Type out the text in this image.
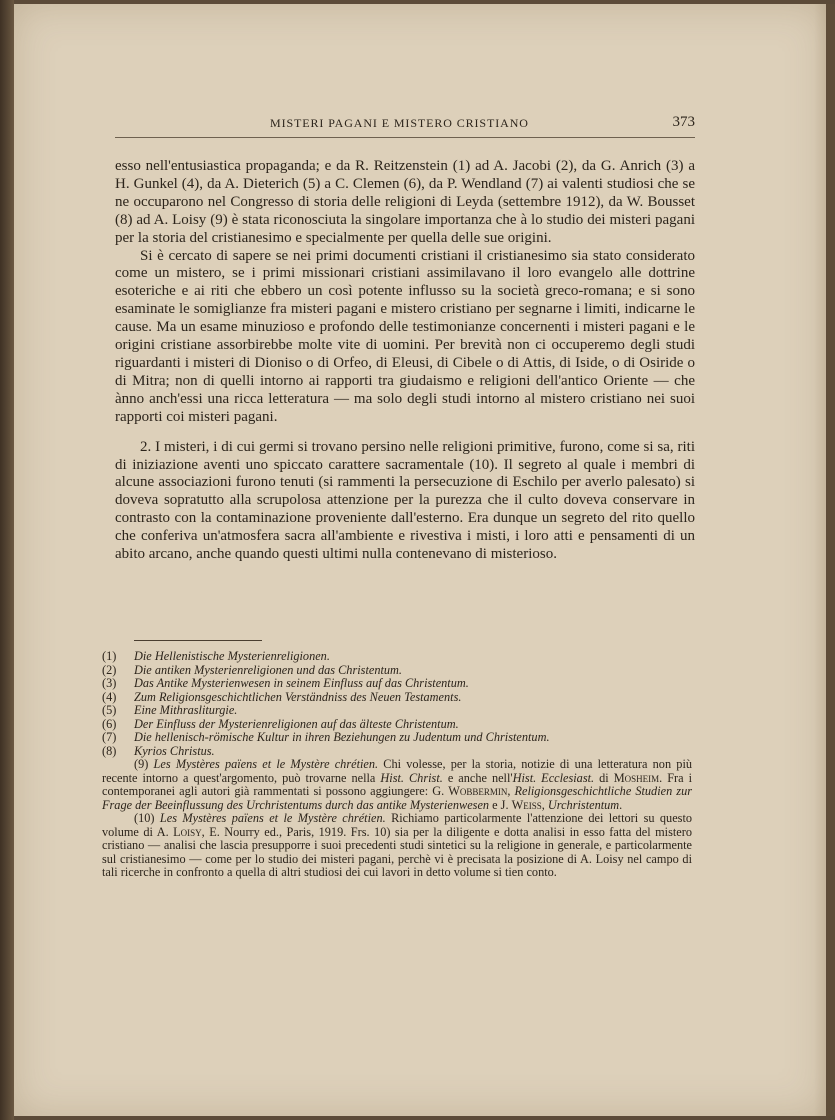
MISTERI PAGANI E MISTERO CRISTIANO	373

esso nell'entusiastica propaganda; e da R. Reitzenstein (1) ad A. Jacobi (2), da G. Anrich (3) a H. Gunkel (4), da A. Dieterich (5) a C. Clemen (6), da P. Wendland (7) ai valenti studiosi che se ne occuparono nel Congresso di storia delle religioni di Leyda (settembre 1912), da W. Bousset (8) ad A. Loisy (9) è stata riconosciuta la singolare importanza che à lo studio dei misteri pagani per la storia del cristianesimo e specialmente per quella delle sue origini.

Si è cercato di sapere se nei primi documenti cristiani il cristianesimo sia stato considerato come un mistero, se i primi missionari cristiani assimilavano il loro evangelo alle dottrine esoteriche e ai riti che ebbero un così potente influsso su la società greco-romana; e si sono esaminate le somiglianze fra misteri pagani e mistero cristiano per segnarne i limiti, indicarne le cause. Ma un esame minuzioso e profondo delle testimonianze concernenti i misteri pagani e le origini cristiane assorbirebbe molte vite di uomini. Per brevità non ci occuperemo degli studi riguardanti i misteri di Dioniso o di Orfeo, di Eleusi, di Cibele o di Attis, di Iside, o di Osiride o di Mitra; non di quelli intorno ai rapporti tra giudaismo e religioni dell'antico Oriente — che ànno anch'essi una ricca letteratura — ma solo degli studi intorno al mistero cristiano nei suoi rapporti coi misteri pagani.

2. I misteri, i di cui germi si trovano persino nelle religioni primitive, furono, come si sa, riti di iniziazione aventi uno spiccato carattere sacramentale (10). Il segreto al quale i membri di alcune associazioni furono tenuti (si rammenti la persecuzione di Eschilo per averlo palesato) si doveva sopratutto alla scrupolosa attenzione per la purezza che il culto doveva conservare in contrasto con la contaminazione proveniente dall'esterno. Era dunque un segreto del rito quello che conferiva un'atmosfera sacra all'ambiente e rivestiva i misti, i loro atti e pensamenti di un abito arcano, anche quando questi ultimi nulla contenevano di misterioso.

(1) Die Hellenistische Mysterienreligionen.

(2) Die antiken Mysterienreligionen und das Christentum.

(3) Das Antike Mysterienwesen in seinem Einfluss auf das Christentum.

(4) Zum Religionsgeschichtlichen Verständniss des Neuen Testaments.

(5) Eine Mithrasliturgie.

(6) Der Einfluss der Mysterienreligionen auf das älteste Christentum.

(7) Die hellenisch-römische Kultur in ihren Beziehungen zu Judentum und Christentum.

(8) Kyrios Christus.

(9) Les Mystères païens et le Mystère chrétien. Chi volesse, per la storia, notizie di una letteratura non più recente intorno a quest'argomento, può trovarne nella Hist. Christ. e anche nell'Hist. Ecclesiast. di Mosheim. Fra i contemporanei agli autori già rammentati si possono aggiungere: G. Wobbermin, Religionsgeschichtliche Studien zur Frage der Beeinflussung des Urchristentums durch das antike Mysterienwesen e J. Weiss, Urchristentum.

(10) Les Mystères païens et le Mystère chrétien. Richiamo particolarmente l'attenzione dei lettori su questo volume di A. Loisy, E. Nourry ed., Paris, 1919. Frs. 10) sia per la diligente e dotta analisi in esso fatta del mistero cristiano — analisi che lascia presupporre i suoi precedenti studi sintetici su la religione in generale, e particolarmente sul cristianesimo — come per lo studio dei misteri pagani, perchè vi è precisata la posizione di A. Loisy nel campo di tali ricerche in confronto a quella di altri studiosi dei cui lavori in detto volume si tien conto.
